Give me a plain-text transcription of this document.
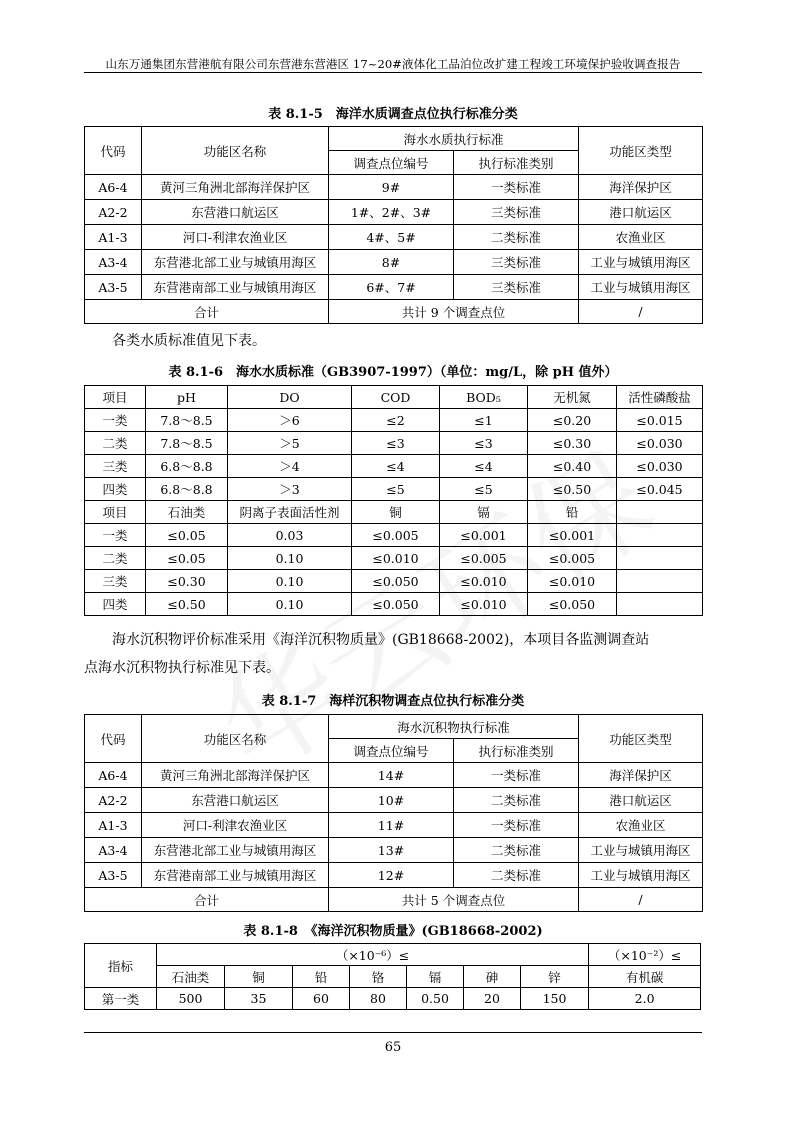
山东万通集团东营港航有限公司东营港东营港区 17~20#液体化工品泊位改扩建工程竣工环境保护验收调查报告
表 8.1-5　海洋水质调查点位执行标准分类
代码	功能区名称	海水水质执行标准		功能区类型
		调查点位编号	执行标准类别	
A6-4	黄河三角洲北部海洋保护区	9#	一类标准	海洋保护区
A2-2	东营港口航运区	1#、2#、3#	三类标准	港口航运区
A1-3	河口-利津农渔业区	4#、5#	二类标准	农渔业区
A3-4	东营港北部工业与城镇用海区	8#	三类标准	工业与城镇用海区
A3-5	东营港南部工业与城镇用海区	6#、7#	三类标准	工业与城镇用海区
合计		共计 9 个调查点位		/
各类水质标准值见下表。
表 8.1-6　海水水质标准（GB3907-1997）（单位：mg/L，除 pH 值外）
项目	pH	DO	COD	BOD₅	无机氮	活性磷酸盐
一类	7.8～8.5	＞6	≤2	≤1	≤0.20	≤0.015
二类	7.8～8.5	＞5	≤3	≤3	≤0.30	≤0.030
三类	6.8～8.8	＞4	≤4	≤4	≤0.40	≤0.030
四类	6.8～8.8	＞3	≤5	≤5	≤0.50	≤0.045
项目	石油类	阴离子表面活性剂	铜	镉	铅	
一类	≤0.05	0.03	≤0.005	≤0.001	≤0.001	
二类	≤0.05	0.10	≤0.010	≤0.005	≤0.005	
三类	≤0.30	0.10	≤0.050	≤0.010	≤0.010	
四类	≤0.50	0.10	≤0.050	≤0.010	≤0.050	
海水沉积物评价标准采用《海洋沉积物质量》(GB18668-2002)，本项目各监测调查站
点海水沉积物执行标准见下表。
表 8.1-7　海样沉积物调查点位执行标准分类
代码	功能区名称	海水沉积物执行标准		功能区类型
		调查点位编号	执行标准类别	
A6-4	黄河三角洲北部海洋保护区	14#	一类标准	海洋保护区
A2-2	东营港口航运区	10#	二类标准	港口航运区
A1-3	河口-利津农渔业区	11#	一类标准	农渔业区
A3-4	东营港北部工业与城镇用海区	13#	二类标准	工业与城镇用海区
A3-5	东营港南部工业与城镇用海区	12#	二类标准	工业与城镇用海区
合计		共计 5 个调查点位		/
表 8.1-8　《海洋沉积物质量》(GB18668-2002)
指标	（×10⁻⁶）≤							（×10⁻²）≤
	石油类	铜	铅	铬	镉	砷	锌	有机碳
第一类	500	35	60	80	0.50	20	150	2.0
65
